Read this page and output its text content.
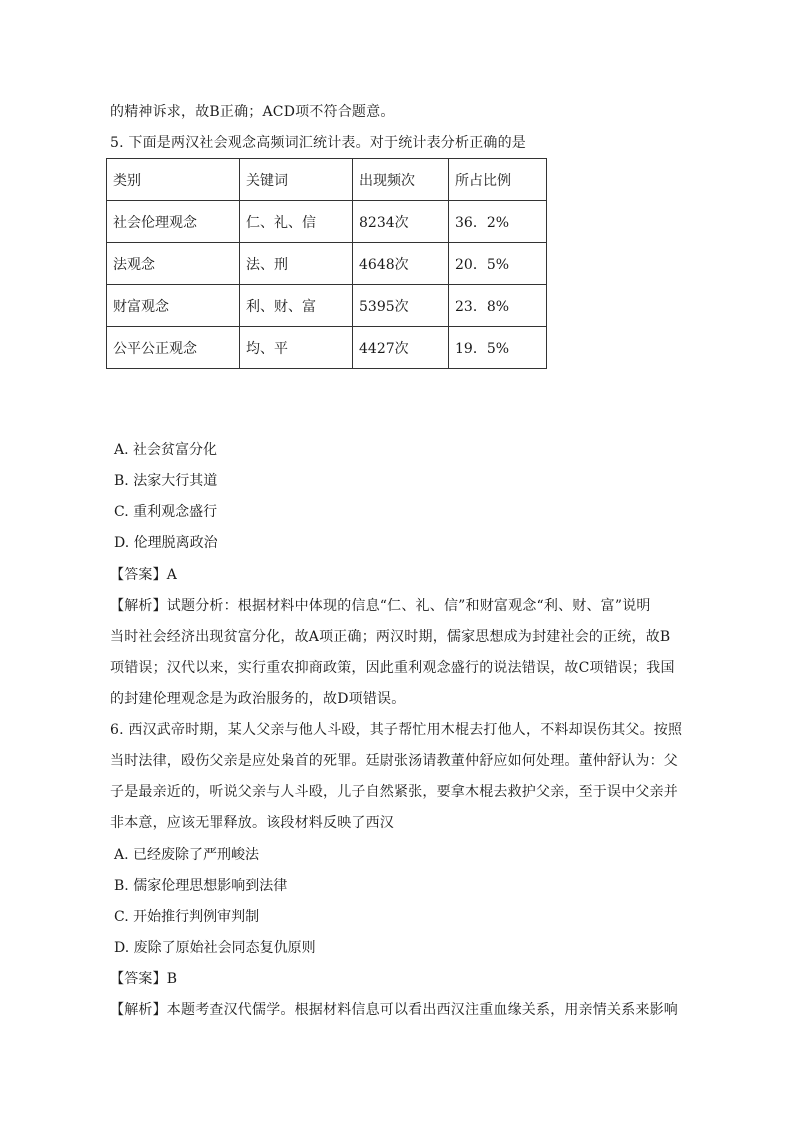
的精神诉求，故B正确；ACD项不符合题意。
5. 下面是两汉社会观念高频词汇统计表。对于统计表分析正确的是
类别	关键词	出现频次	所占比例
社会伦理观念	仁、礼、信	8234次	36．2%
法观念	法、刑	4648次	20．5%
财富观念	利、财、富	5395次	23．8%
公平公正观念	均、平	4427次	19．5%
A. 社会贫富分化
B. 法家大行其道
C. 重利观念盛行
D. 伦理脱离政治
【答案】A
【解析】试题分析：根据材料中体现的信息“仁、礼、信”和财富观念“利、财、富”说明
当时社会经济出现贫富分化，故A项正确；两汉时期，儒家思想成为封建社会的正统，故B
项错误；汉代以来，实行重农抑商政策，因此重利观念盛行的说法错误，故C项错误；我国
的封建伦理观念是为政治服务的，故D项错误。
6. 西汉武帝时期，某人父亲与他人斗殴，其子帮忙用木棍去打他人，不料却误伤其父。按照
当时法律，殴伤父亲是应处枭首的死罪。廷尉张汤请教董仲舒应如何处理。董仲舒认为：父
子是最亲近的，听说父亲与人斗殴，儿子自然紧张，要拿木棍去救护父亲，至于误中父亲并
非本意，应该无罪释放。该段材料反映了西汉
A. 已经废除了严刑峻法
B. 儒家伦理思想影响到法律
C. 开始推行判例审判制
D. 废除了原始社会同态复仇原则
【答案】B
【解析】本题考查汉代儒学。根据材料信息可以看出西汉注重血缘关系，用亲情关系来影响
